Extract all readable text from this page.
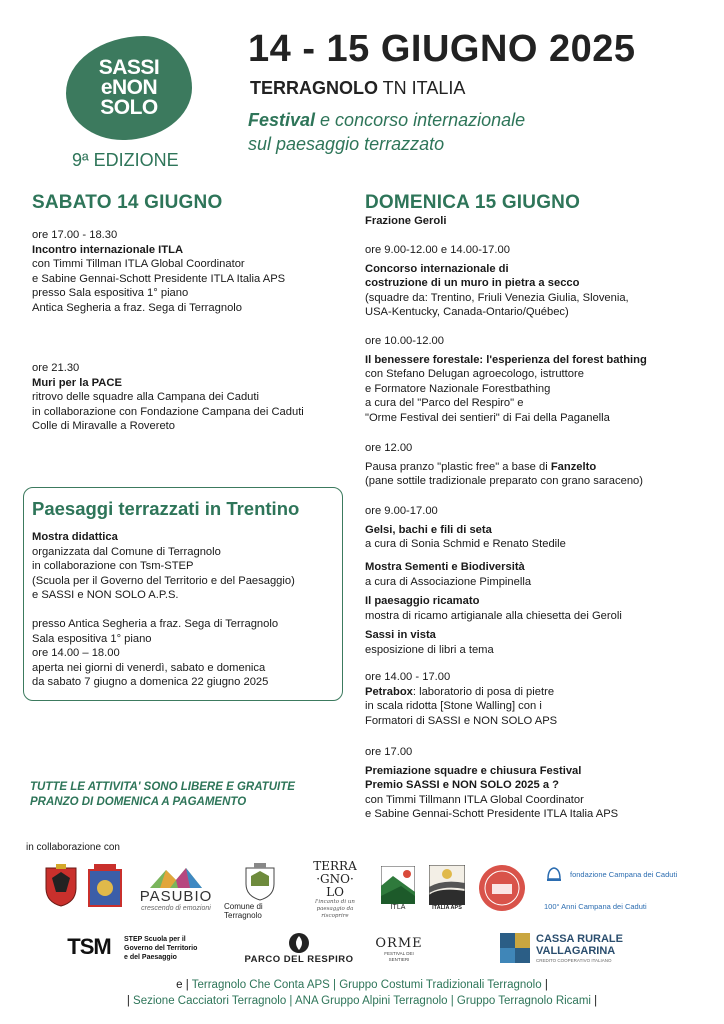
SASSI
eNON
SOLO
9ª EDIZIONE
14 - 15 GIUGNO 2025
TERRAGNOLO TN ITALIA
Festival e concorso internazionale
sul paesaggio terrazzato
SABATO 14 GIUGNO
ore 17.00 - 18.30
Incontro internazionale ITLA
con Timmi Tillman ITLA Global Coordinator
e Sabine Gennai-Schott Presidente ITLA Italia APS
presso Sala espositiva 1° piano
Antica Segheria a fraz. Sega di Terragnolo
ore 21.30
Muri per la PACE
ritrovo delle squadre alla Campana dei Caduti
in collaborazione con Fondazione Campana dei Caduti
Colle di Miravalle a Rovereto
Paesaggi terrazzati in Trentino
Mostra didattica
organizzata dal Comune di Terragnolo
in collaborazione con Tsm-STEP
(Scuola per il Governo del Territorio e del Paesaggio)
e SASSI e NON SOLO A.P.S.
presso Antica Segheria a fraz. Sega di Terragnolo
Sala espositiva 1° piano
ore 14.00 – 18.00
aperta nei giorni di venerdì, sabato e domenica
da sabato 7 giugno a domenica 22 giugno 2025
TUTTE LE ATTIVITA' SONO LIBERE E GRATUITE
PRANZO DI DOMENICA A PAGAMENTO
DOMENICA 15 GIUGNO
Frazione Geroli
ore 9.00-12.00 e 14.00-17.00
Concorso internazionale di
costruzione di un muro in pietra a secco
(squadre da: Trentino, Friuli Venezia Giulia, Slovenia,
USA-Kentucky, Canada-Ontario/Québec)
ore 10.00-12.00
Il benessere forestale: l'esperienza del forest bathing
con Stefano Delugan agroecologo, istruttore
e Formatore Nazionale Forestbathing
a cura del "Parco del Respiro" e
"Orme Festival dei sentieri" di Fai della Paganella
ore 12.00
Pausa pranzo "plastic free" a base di Fanzelto
(pane sottile tradizionale preparato con grano saraceno)
ore 9.00-17.00
Gelsi, bachi e fili di seta
a cura di Sonia Schmid e Renato Stedile
Mostra Sementi e Biodiversità
a cura di Associazione Pimpinella
Il paesaggio ricamato
mostra di ricamo artigianale alla chiesetta dei Geroli
Sassi in vista
esposizione di libri a tema
ore 14.00 - 17.00
Petrabox: laboratorio di posa di pietre
in scala ridotta [Stone Walling] con i
Formatori di SASSI e NON SOLO APS
ore 17.00
Premiazione squadre e chiusura Festival
Premio SASSI e NON SOLO 2025 a ?
con Timmi Tillmann ITLA Global Coordinator
e Sabine Gennai-Schott Presidente ITLA Italia APS
in collaborazione con
PASUBIO
crescendo di emozioni Comune di Terragnolo
TERRA
·GNO·
LO
l'incanto di un paesaggio da riscoprire
ITLA	ITALIA APS
fondazione Campana dei Caduti
100° Anni Campana dei Caduti
TSM STEP Scuola per il
Governo del Territorio
e del Paesaggio	PARCO DEL RESPIRO
ORME
FESTIVAL DEI SENTIERI
CASSA RURALE
VALLAGARINA
CREDITO COOPERATIVO ITALIANO
e | Terragnolo Che Conta APS | Gruppo Costumi Tradizionali Terragnolo |
| Sezione Cacciatori Terragnolo | ANA Gruppo Alpini Terragnolo | Gruppo Terragnolo Ricami |
